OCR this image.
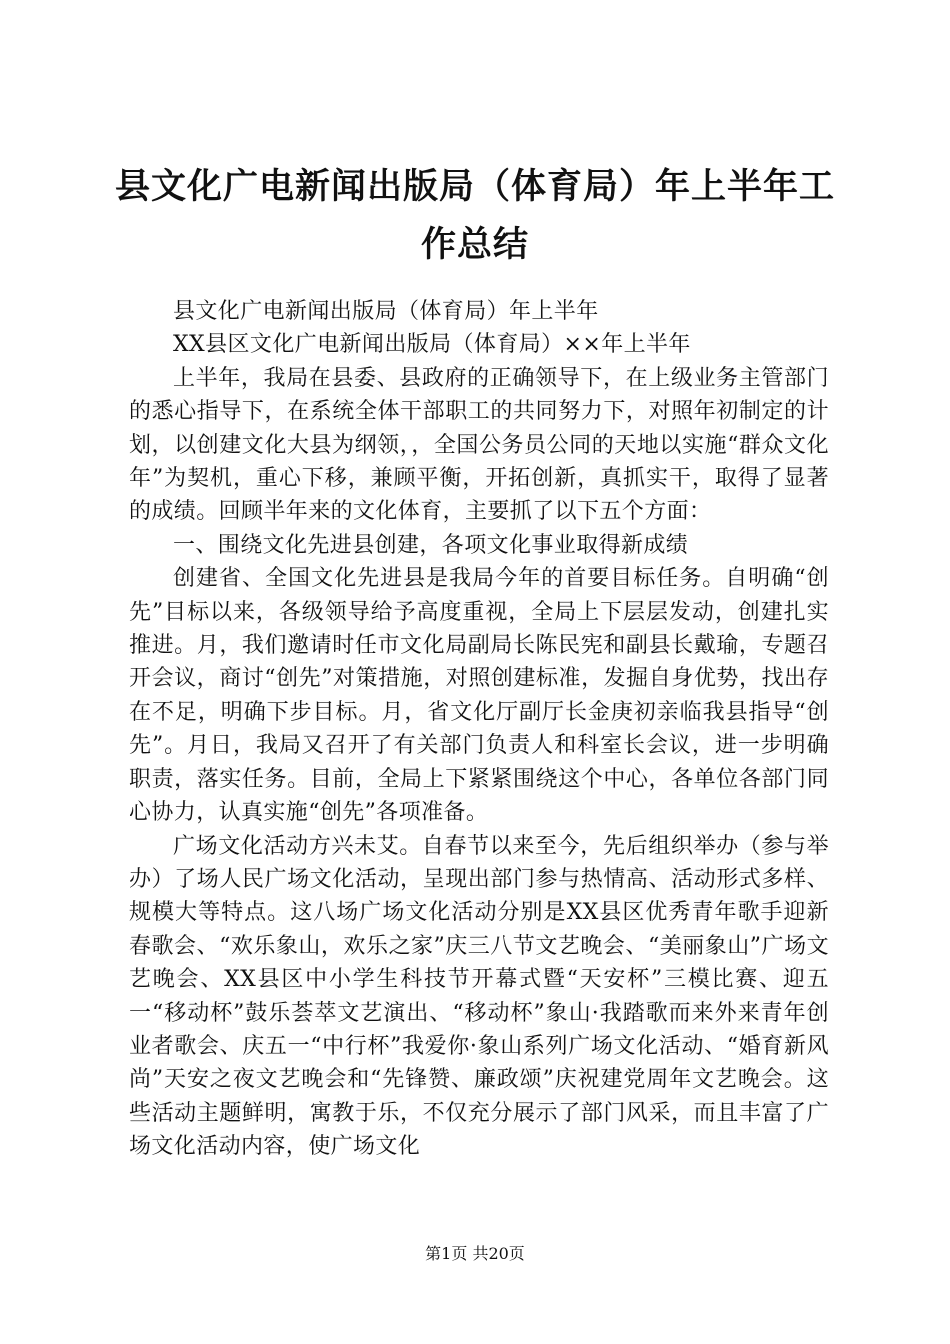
县文化广电新闻出版局（体育局）年上半年工
作总结

县文化广电新闻出版局（体育局）年上半年

XX县区文化广电新闻出版局（体育局）××年上半年

上半年，我局在县委、县政府的正确领导下，在上级业务主管部门的悉心指导下，在系统全体干部职工的共同努力下，对照年初制定的计划，以创建文化大县为纲领，，全国公务员公同的天地以实施“群众文化年”为契机，重心下移，兼顾平衡，开拓创新，真抓实干，取得了显著的成绩。回顾半年来的文化体育，主要抓了以下五个方面：

一、围绕文化先进县创建，各项文化事业取得新成绩

创建省、全国文化先进县是我局今年的首要目标任务。自明确“创先”目标以来，各级领导给予高度重视，全局上下层层发动，创建扎实推进。月，我们邀请时任市文化局副局长陈民宪和副县长戴瑜，专题召开会议，商讨“创先”对策措施，对照创建标准，发掘自身优势，找出存在不足，明确下步目标。月，省文化厅副厅长金庚初亲临我县指导“创先”。月日，我局又召开了有关部门负责人和科室长会议，进一步明确职责，落实任务。目前，全局上下紧紧围绕这个中心，各单位各部门同心协力，认真实施“创先”各项准备。

广场文化活动方兴未艾。自春节以来至今，先后组织举办（参与举办）了场人民广场文化活动，呈现出部门参与热情高、活动形式多样、规模大等特点。这八场广场文化活动分别是XX县区优秀青年歌手迎新春歌会、“欢乐象山，欢乐之家”庆三八节文艺晚会、“美丽象山”广场文艺晚会、XX县区中小学生科技节开幕式暨“天安杯”三模比赛、迎五一“移动杯”鼓乐荟萃文艺演出、“移动杯”象山·我踏歌而来外来青年创业者歌会、庆五一“中行杯”我爱你·象山系列广场文化活动、“婚育新风尚”天安之夜文艺晚会和“先锋赞、廉政颂”庆祝建党周年文艺晚会。这些活动主题鲜明，寓教于乐，不仅充分展示了部门风采，而且丰富了广场文化活动内容，使广场文化

第1页 共20页
